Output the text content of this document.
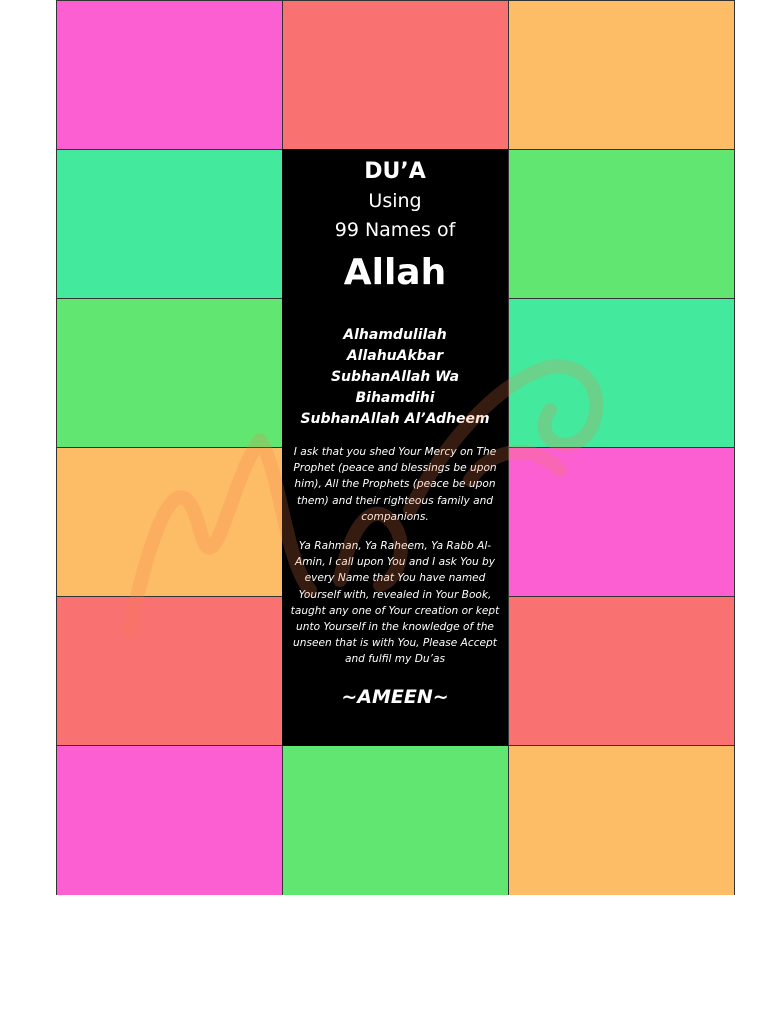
DU’A
Using
99 Names of
Allah
Alhamdulilah
AllahuAkbar
SubhanAllah Wa Bihamdihi
SubhanAllah Al’Adheem
I ask that you shed Your Mercy on The Prophet (peace and blessings be upon him), All the Prophets (peace be upon them) and their righteous family and companions.
Ya Rahman, Ya Raheem, Ya Rabb Al-Amin, I call upon You and I ask You by every Name that You have named Yourself with, revealed in Your Book, taught any one of Your creation or kept unto Yourself in the knowledge of the unseen that is with You, Please Accept and fulfil my Du’as
~AMEEN~
